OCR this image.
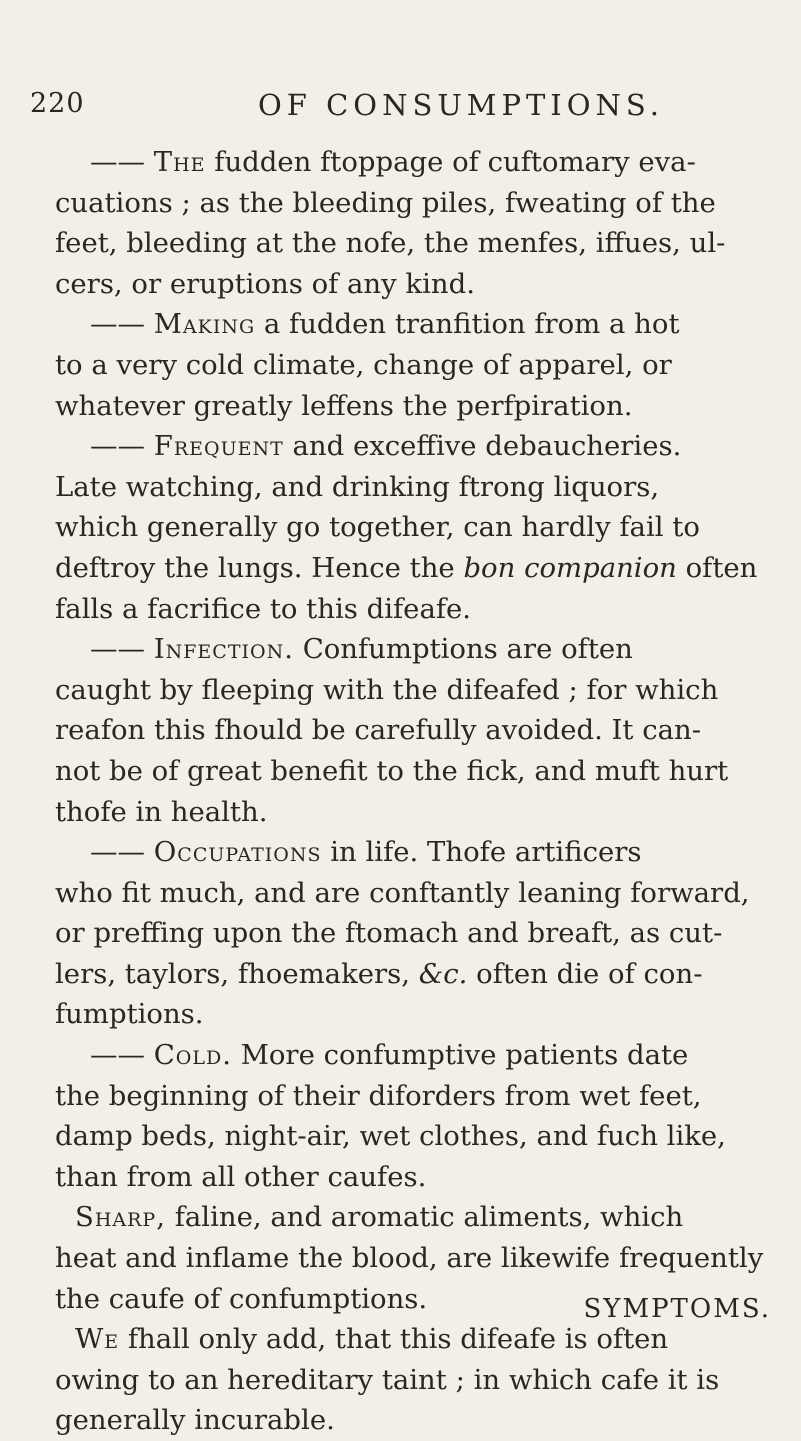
220	OF CONSUMPTIONS.
—— The fudden ftoppage of cuftomary eva-
cuations ; as the bleeding piles, fweating of the
feet, bleeding at the nofe, the menfes, iffues, ul-
cers, or eruptions of any kind.
—— Making a fudden tranfition from a hot
to a very cold climate, change of apparel, or
whatever greatly leffens the perfpiration.
—— Frequent and exceffive debaucheries.
Late watching, and drinking ftrong liquors,
which generally go together, can hardly fail to
deftroy the lungs. Hence the bon companion often
falls a facrifice to this difeafe.
—— Infection. Confumptions are often
caught by fleeping with the difeafed ; for which
reafon this fhould be carefully avoided. It can-
not be of great benefit to the fick, and muft hurt
thofe in health.
—— Occupations in life. Thofe artificers
who fit much, and are conftantly leaning forward,
or preffing upon the ftomach and breaft, as cut-
lers, taylors, fhoemakers, &c. often die of con-
fumptions.
—— Cold. More confumptive patients date
the beginning of their diforders from wet feet,
damp beds, night-air, wet clothes, and fuch like,
than from all other caufes.
Sharp, faline, and aromatic aliments, which
heat and inflame the blood, are likewife frequently
the caufe of confumptions.
We fhall only add, that this difeafe is often
owing to an hereditary taint ; in which cafe it is
generally incurable.
SYMPTOMS.
